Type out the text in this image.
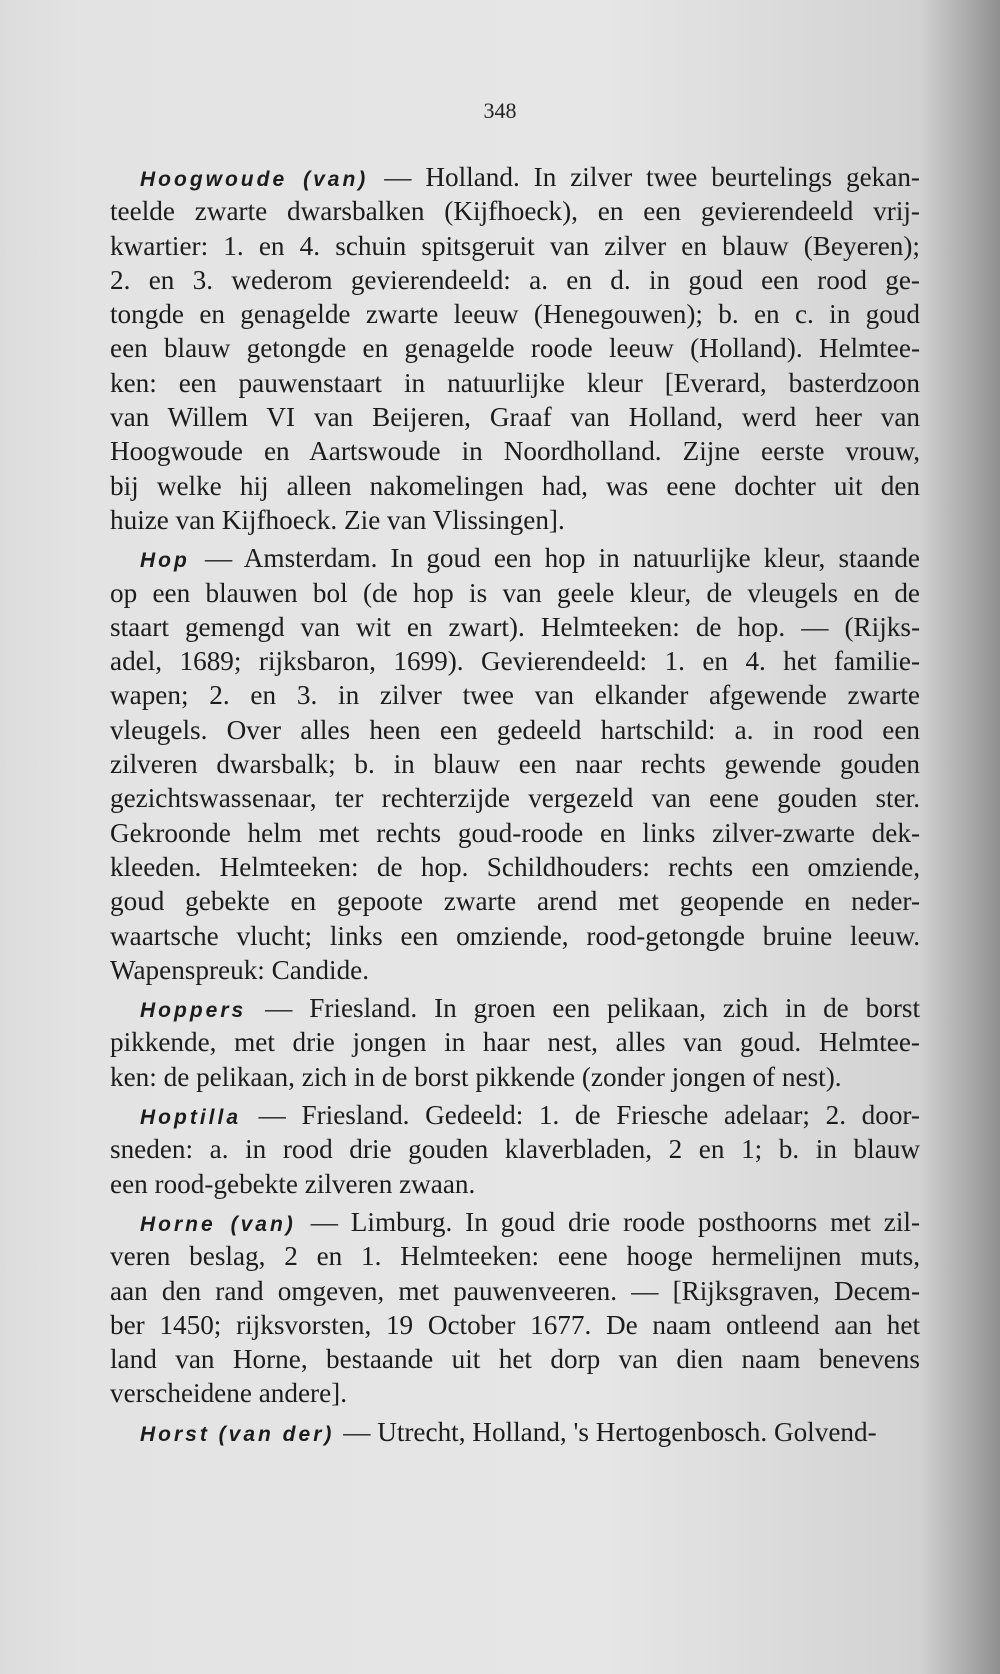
348
Hoogwoude (van) — Holland. In zilver twee beurtelings gekan-
teelde zwarte dwarsbalken (Kijfhoeck), en een gevierendeeld vrij-
kwartier: 1. en 4. schuin spitsgeruit van zilver en blauw (Beyeren);
2. en 3. wederom gevierendeeld: a. en d. in goud een rood ge-
tongde en genagelde zwarte leeuw (Henegouwen); b. en c. in goud
een blauw getongde en genagelde roode leeuw (Holland). Helmtee-
ken: een pauwenstaart in natuurlijke kleur [Everard, basterdzoon
van Willem VI van Beijeren, Graaf van Holland, werd heer van
Hoogwoude en Aartswoude in Noordholland. Zijne eerste vrouw,
bij welke hij alleen nakomelingen had, was eene dochter uit den
huize van Kijfhoeck. Zie van Vlissingen].
Hop — Amsterdam. In goud een hop in natuurlijke kleur, staande
op een blauwen bol (de hop is van geele kleur, de vleugels en de
staart gemengd van wit en zwart). Helmteeken: de hop. — (Rijks-
adel, 1689; rijksbaron, 1699). Gevierendeeld: 1. en 4. het familie-
wapen; 2. en 3. in zilver twee van elkander afgewende zwarte
vleugels. Over alles heen een gedeeld hartschild: a. in rood een
zilveren dwarsbalk; b. in blauw een naar rechts gewende gouden
gezichtswassenaar, ter rechterzijde vergezeld van eene gouden ster.
Gekroonde helm met rechts goud-roode en links zilver-zwarte dek-
kleeden. Helmteeken: de hop. Schildhouders: rechts een omziende,
goud gebekte en gepoote zwarte arend met geopende en neder-
waartsche vlucht; links een omziende, rood-getongde bruine leeuw.
Wapenspreuk: Candide.
Hoppers — Friesland. In groen een pelikaan, zich in de borst
pikkende, met drie jongen in haar nest, alles van goud. Helmtee-
ken: de pelikaan, zich in de borst pikkende (zonder jongen of nest).
Hoptilla — Friesland. Gedeeld: 1. de Friesche adelaar; 2. door-
sneden: a. in rood drie gouden klaverbladen, 2 en 1; b. in blauw
een rood-gebekte zilveren zwaan.
Horne (van) — Limburg. In goud drie roode posthoorns met zil-
veren beslag, 2 en 1. Helmteeken: eene hooge hermelijnen muts,
aan den rand omgeven, met pauwenveeren. — [Rijksgraven, Decem-
ber 1450; rijksvorsten, 19 October 1677. De naam ontleend aan het
land van Horne, bestaande uit het dorp van dien naam benevens
verscheidene andere].
Horst (van der) — Utrecht, Holland, 's Hertogenbosch. Golvend-
